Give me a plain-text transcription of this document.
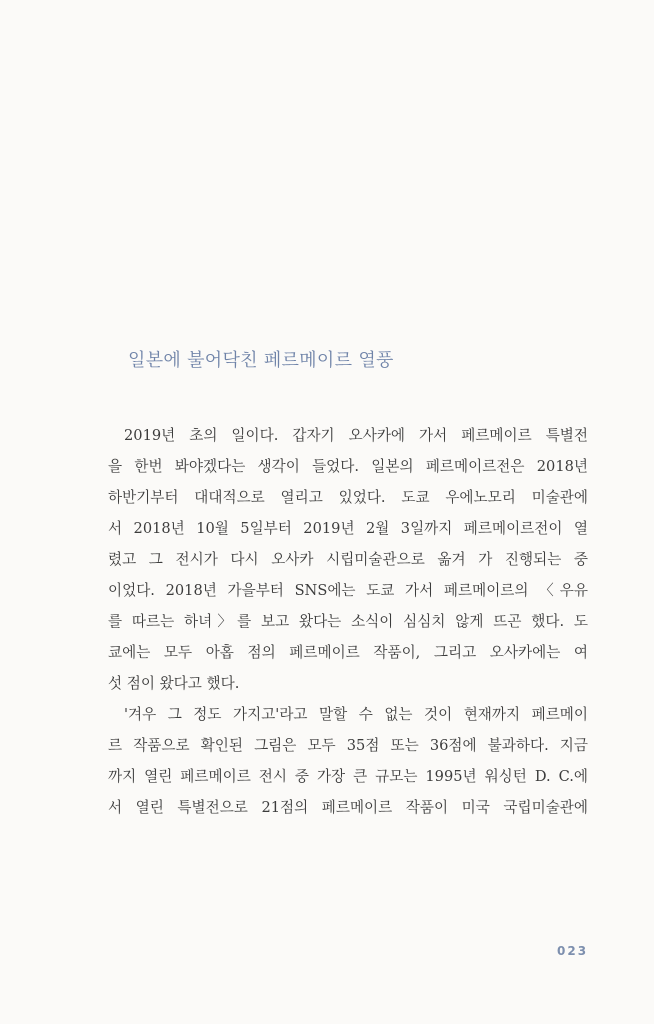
일본에 불어닥친 페르메이르 열풍
2019년 초의 일이다. 갑자기 오사카에 가서 페르메이르 특별전
을 한번 봐야겠다는 생각이 들었다. 일본의 페르메이르전은 2018년
하반기부터 대대적으로 열리고 있었다. 도쿄 우에노모리 미술관에
서 2018년 10월 5일부터 2019년 2월 3일까지 페르메이르전이 열
렸고 그 전시가 다시 오사카 시립미술관으로 옮겨 가 진행되는 중
이었다. 2018년 가을부터 SNS에는 도쿄 가서 페르메이르의 〈우유
를 따르는 하녀〉를 보고 왔다는 소식이 심심치 않게 뜨곤 했다. 도
쿄에는 모두 아홉 점의 페르메이르 작품이, 그리고 오사카에는 여
섯 점이 왔다고 했다.
'겨우 그 정도 가지고'라고 말할 수 없는 것이 현재까지 페르메이
르 작품으로 확인된 그림은 모두 35점 또는 36점에 불과하다. 지금
까지 열린 페르메이르 전시 중 가장 큰 규모는 1995년 워싱턴 D. C.에
서 열린 특별전으로 21점의 페르메이르 작품이 미국 국립미술관에
023
